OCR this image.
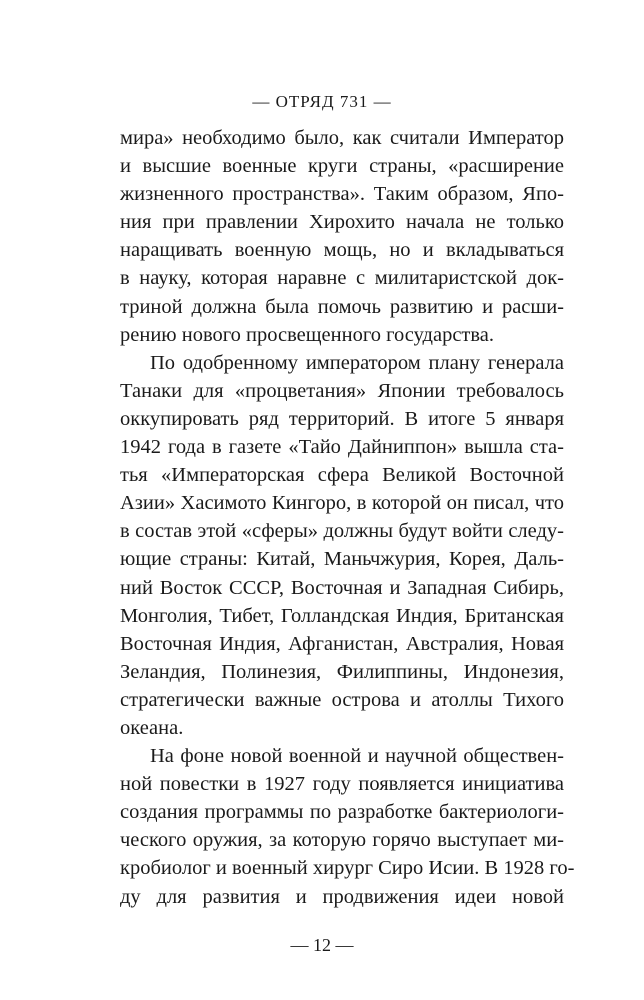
— ОТРЯД 731 —
мира» необходимо было, как считали Император
и высшие военные круги страны, «расширение
жизненного пространства». Таким образом, Япо-
ния при правлении Хирохито начала не только
наращивать военную мощь, но и вкладываться
в науку, которая наравне с милитаристской док-
триной должна была помочь развитию и расши-
рению нового просвещенного государства.
По одобренному императором плану генерала
Танаки для «процветания» Японии требовалось
оккупировать ряд территорий. В итоге 5 января
1942 года в газете «Тайо Дайниппон» вышла ста-
тья «Императорская сфера Великой Восточной
Азии» Хасимото Кингоро, в которой он писал, что
в состав этой «сферы» должны будут войти следу-
ющие страны: Китай, Маньчжурия, Корея, Даль-
ний Восток СССР, Восточная и Западная Сибирь,
Монголия, Тибет, Голландская Индия, Британская
Восточная Индия, Афганистан, Австралия, Новая
Зеландия, Полинезия, Филиппины, Индонезия,
стратегически важные острова и атоллы Тихого
океана.
На фоне новой военной и научной обществен-
ной повестки в 1927 году появляется инициатива
создания программы по разработке бактериологи-
ческого оружия, за которую горячо выступает ми-
кробиолог и военный хирург Сиро Исии. В 1928 го-
ду для развития и продвижения идеи новой
— 12 —
